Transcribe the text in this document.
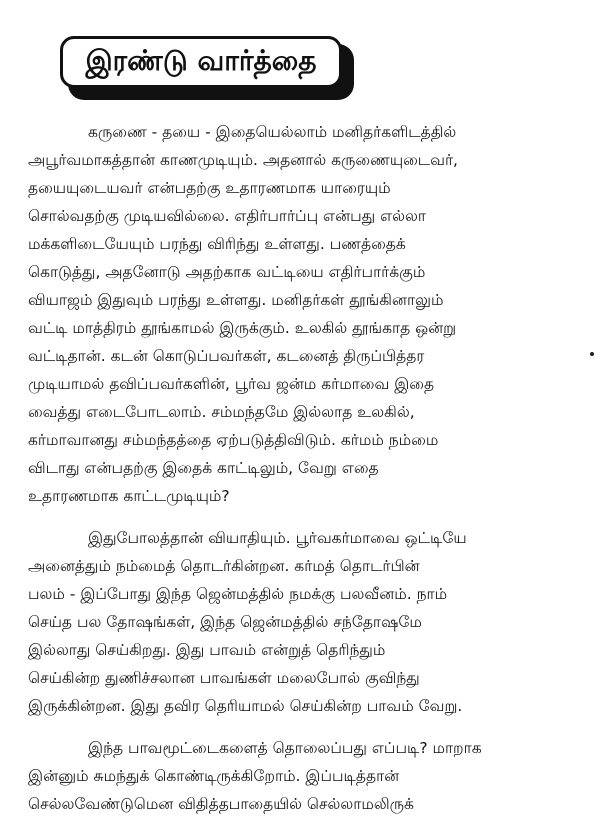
இரண்டு வார்த்தை
கருணை - தயை - இதையெல்லாம் மனிதர்களிடத்தில்
அபூர்வமாகத்தான் காணமுடியும். அதனால் கருணையுடைவர்,
தயையுடையவர் என்பதற்கு உதாரணமாக யாரையும்
சொல்வதற்கு முடியவில்லை. எதிர்பார்ப்பு என்பது எல்லா
மக்களிடையேயும் பரந்து விரிந்து உள்ளது. பணத்தைக்
கொடுத்து, அதனோடு அதற்காக வட்டியை எதிர்பார்க்கும்
வியாஜம் இதுவும் பரந்து உள்ளது. மனிதர்கள் தூங்கினாலும்
வட்டி மாத்திரம் தூங்காமல் இருக்கும். உலகில் தூங்காத ஒன்று
வட்டிதான். கடன் கொடுப்பவர்கள், கடனைத் திருப்பித்தர
முடியாமல் தவிப்பவர்களின், பூர்வ ஜன்ம கர்மாவை இதை
வைத்து எடைபோடலாம். சம்மந்தமே இல்லாத உலகில்,
கர்மாவானது சம்மந்தத்தை ஏற்படுத்திவிடும். கர்மம் நம்மை
விடாது என்பதற்கு இதைக் காட்டிலும், வேறு எதை
உதாரணமாக காட்டமுடியும்?
இதுபோலத்தான் வியாதியும். பூர்வகர்மாவை ஒட்டியே
அனைத்தும் நம்மைத் தொடர்கின்றன. கர்மத் தொடர்பின்
பலம் - இப்போது இந்த ஜென்மத்தில் நமக்கு பலவீனம். நாம்
செய்த பல தோஷங்கள், இந்த ஜென்மத்தில் சந்தோஷமே
இல்லாது செய்கிறது. இது பாவம் என்றுத் தெரிந்தும்
செய்கின்ற துணிச்சலான பாவங்கள் மலைபோல் குவிந்து
இருக்கின்றன. இது தவிர தெரியாமல் செய்கின்ற பாவம் வேறு.
இந்த பாவமூட்டைகளைத் தொலைப்பது எப்படி? மாறாக
இன்னும் சுமந்துக் கொண்டிருக்கிறோம். இப்படித்தான்
செல்லவேண்டுமென விதித்தபாதையில் செல்லாமலிருக்
